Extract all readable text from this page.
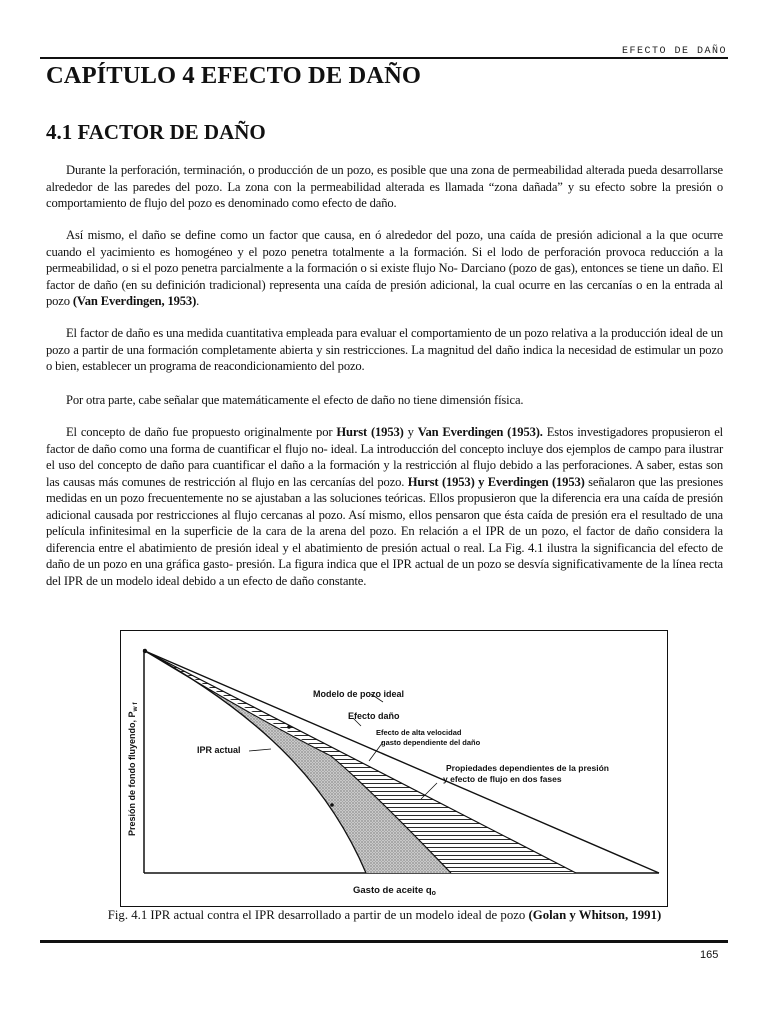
EFECTO DE DAÑO
CAPÍTULO 4 EFECTO DE DAÑO
4.1 FACTOR DE DAÑO

Durante la perforación, terminación, o producción de un pozo, es posible que una zona de permeabilidad alterada pueda desarrollarse alrededor de las paredes del pozo. La zona con la permeabilidad alterada es llamada “zona dañada” y su efecto sobre la presión o comportamiento de flujo del pozo es denominado como efecto de daño.

Así mismo, el daño se define como un factor que causa, en ó alrededor del pozo, una caída de presión adicional a la que ocurre cuando el yacimiento es homogéneo y el pozo penetra totalmente a la formación. Si el lodo de perforación provoca reducción a la permeabilidad, o si el pozo penetra parcialmente a la formación o si existe flujo No- Darciano (pozo de gas), entonces se tiene un daño. El factor de daño (en su definición tradicional) representa una caída de presión adicional, la cual ocurre en las cercanías o en la entrada al pozo (Van Everdingen, 1953).

El factor de daño es una medida cuantitativa empleada para evaluar el comportamiento de un pozo relativa a la producción ideal de un pozo a partir de una formación completamente abierta y sin restricciones. La magnitud del daño indica la necesidad de estimular un pozo o bien, establecer un programa de reacondicionamiento del pozo.

Por otra parte, cabe señalar que matemáticamente el efecto de daño no tiene dimensión física.

El concepto de daño fue propuesto originalmente por Hurst (1953) y Van Everdingen (1953). Estos investigadores propusieron el factor de daño como una forma de cuantificar el flujo no- ideal. La introducción del concepto incluye dos ejemplos de campo para ilustrar el uso del concepto de daño para cuantificar el daño a la formación y la restricción al flujo debido a las perforaciones. A saber, estas son las causas más comunes de restricción al flujo en las cercanías del pozo. Hurst (1953) y Everdingen (1953) señalaron que las presiones medidas en un pozo frecuentemente no se ajustaban a las soluciones teóricas. Ellos propusieron que la diferencia era una caída de presión adicional causada por restricciones al flujo cercanas al pozo. Así mismo, ellos pensaron que ésta caída de presión era el resultado de una película infinitesimal en la superficie de la cara de la arena del pozo. En relación a el IPR de un pozo, el factor de daño considera la diferencia entre el abatimiento de presión ideal y el abatimiento de presión actual o real. La Fig. 4.1 ilustra la significancia del efecto de daño de un pozo en una gráfica gasto- presión. La figura indica que el IPR actual de un pozo se desvía significativamente de la línea recta del IPR de un modelo ideal debido a un efecto de daño constante.

Modelo de pozo ideal
Efecto daño
IPR actual
Efecto de alta velocidad
gasto dependiente del daño
Propiedades dependientes de la presión
y efecto de flujo en dos fases
Gasto de aceite $q_o$
Presión de fondo fluyendo, $P_{w f}$
Fig. 4.1 IPR actual contra el IPR desarrollado a partir de un modelo ideal de pozo (Golan y Whitson, 1991)
165
